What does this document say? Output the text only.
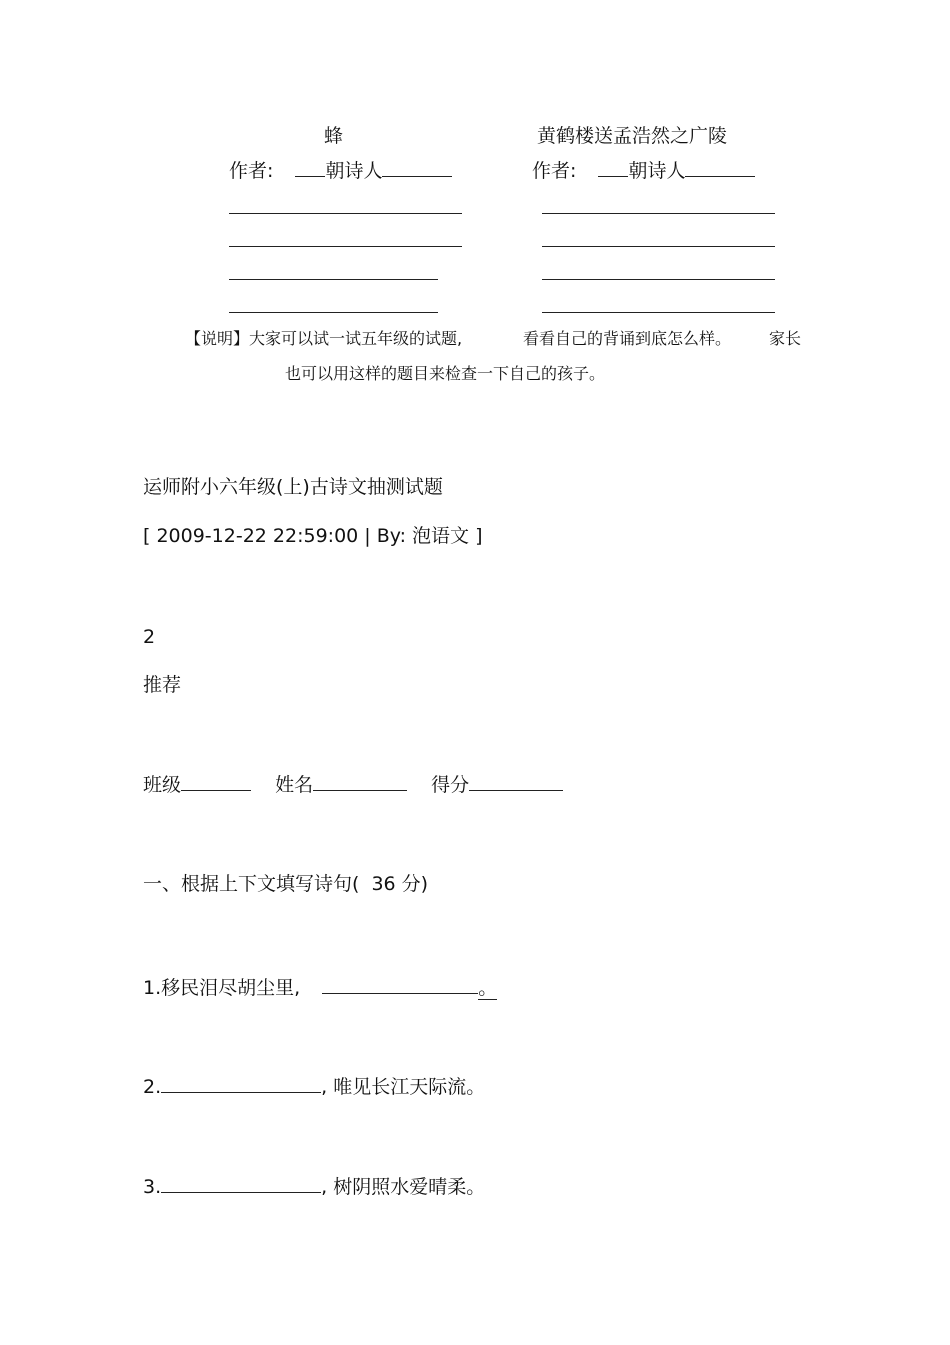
蜂	黄鹤楼送孟浩然之广陵
作者:	朝诗人	作者:	朝诗人
【说明】大家可以试一试五年级的试题,	看看自己的背诵到底怎么样。 家长
也可以用这样的题目来检查一下自己的孩子。
运师附小六年级(上)古诗文抽测试题
[ 2009-12-22 22:59:00 | By: 泡语文 ]
2
推荐
班级	姓名	得分
一、根据上下文填写诗句( 36 分)
1.移民泪尽胡尘里,	。
2.	, 唯见长江天际流。
3.	, 树阴照水爱晴柔。
